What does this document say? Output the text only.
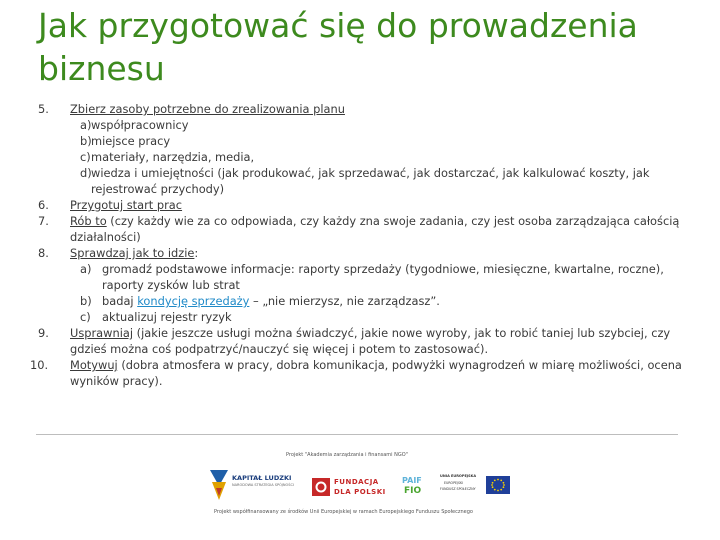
Jak przygotować się do prowadzenia biznesu
5.	Zbierz zasoby potrzebne do zrealizowania planu
a) współpracownicy
b) miejsce pracy
c) materiały, narzędzia, media,
d) wiedza i umiejętności (jak produkować, jak sprzedawać, jak dostarczać, jak kalkulować koszty, jak rejestrować przychody)
6.	Przygotuj start prac
7.	Rób to (czy każdy wie za co odpowiada, czy każdy zna swoje zadania, czy jest osoba zarządzająca całością działalności)
8.	Sprawdzaj jak to idzie:
a) gromadź podstawowe informacje: raporty sprzedaży (tygodniowe, miesięczne, kwartalne, roczne), raporty zysków lub strat
b) badaj kondycję sprzedaży – „nie mierzysz, nie zarządzasz”.
c) aktualizuj rejestr ryzyk
9.	Usprawniaj (jakie jeszcze usługi można świadczyć, jakie nowe wyroby, jak to robić taniej lub szybciej, czy gdzieś można coś podpatrzyć/nauczyć się więcej i potem to zastosować).
10.	Motywuj (dobra atmosfera w pracy, dobra komunikacja, podwyżki wynagrodzeń w miarę możliwości, ocena wyników pracy).
Projekt "Akademia zarządzania i finansami NGO"
KAPITAŁ LUDZKI
NARODOWA STRATEGIA SPÓJNOŚCI	FUNDACJA
DLA POLSKI
PAIF
FIO
UNIA EUROPEJSKA
EUROPEJSKI
FUNDUSZ SPOŁECZNY
Projekt współfinansowany ze środków Unii Europejskiej w ramach Europejskiego Funduszu Społecznego
